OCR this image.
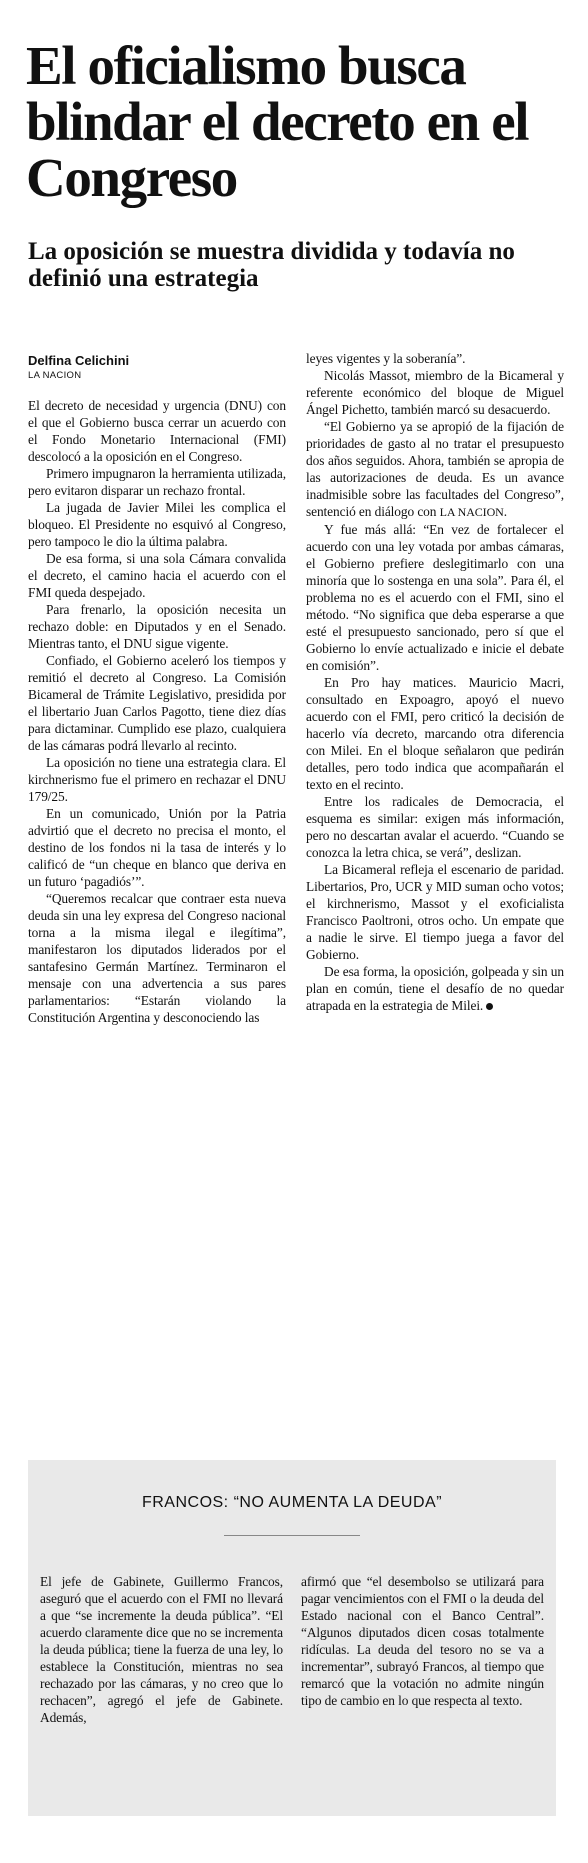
El oficialismo busca blindar el decreto en el Congreso
La oposición se muestra dividida y todavía no definió una estrategia
Delfina Celichini
LA NACION

El decreto de necesidad y urgencia (DNU) con el que el Gobierno busca cerrar un acuerdo con el Fondo Monetario Internacional (FMI) descolocó a la oposición en el Congreso.

Primero impugnaron la herramienta utilizada, pero evitaron disparar un rechazo frontal.

La jugada de Javier Milei les complica el bloqueo. El Presidente no esquivó al Congreso, pero tampoco le dio la última palabra.

De esa forma, si una sola Cámara convalida el decreto, el camino hacia el acuerdo con el FMI queda despejado.

Para frenarlo, la oposición necesita un rechazo doble: en Diputados y en el Senado. Mientras tanto, el DNU sigue vigente.

Confiado, el Gobierno aceleró los tiempos y remitió el decreto al Congreso. La Comisión Bicameral de Trámite Legislativo, presidida por el libertario Juan Carlos Pagotto, tiene diez días para dictaminar. Cumplido ese plazo, cualquiera de las cámaras podrá llevarlo al recinto.

La oposición no tiene una estrategia clara. El kirchnerismo fue el primero en rechazar el DNU 179/25.

En un comunicado, Unión por la Patria advirtió que el decreto no precisa el monto, el destino de los fondos ni la tasa de interés y lo calificó de “un cheque en blanco que deriva en un futuro ‘pagadiós’”.

“Queremos recalcar que contraer esta nueva deuda sin una ley expresa del Congreso nacional torna a la misma ilegal e ilegítima”, manifestaron los diputados liderados por el santafesino Germán Martínez. Terminaron el mensaje con una advertencia a sus pares parlamentarios: “Estarán violando la Constitución Argentina y desconociendo las

leyes vigentes y la soberanía”.

Nicolás Massot, miembro de la Bicameral y referente económico del bloque de Miguel Ángel Pichetto, también marcó su desacuerdo.

“El Gobierno ya se apropió de la fijación de prioridades de gasto al no tratar el presupuesto dos años seguidos. Ahora, también se apropia de las autorizaciones de deuda. Es un avance inadmisible sobre las facultades del Congreso”, sentenció en diálogo con LA NACION.

Y fue más allá: “En vez de fortalecer el acuerdo con una ley votada por ambas cámaras, el Gobierno prefiere deslegitimarlo con una minoría que lo sostenga en una sola”. Para él, el problema no es el acuerdo con el FMI, sino el método. “No significa que deba esperarse a que esté el presupuesto sancionado, pero sí que el Gobierno lo envíe actualizado e inicie el debate en comisión”.

En Pro hay matices. Mauricio Macri, consultado en Expoagro, apoyó el nuevo acuerdo con el FMI, pero criticó la decisión de hacerlo vía decreto, marcando otra diferencia con Milei. En el bloque señalaron que pedirán detalles, pero todo indica que acompañarán el texto en el recinto.

Entre los radicales de Democracia, el esquema es similar: exigen más información, pero no descartan avalar el acuerdo. “Cuando se conozca la letra chica, se verá”, deslizan.

La Bicameral refleja el escenario de paridad. Libertarios, Pro, UCR y MID suman ocho votos; el kirchnerismo, Massot y el exoficialista Francisco Paoltroni, otros ocho. Un empate que a nadie le sirve. El tiempo juega a favor del Gobierno.

De esa forma, la oposición, golpeada y sin un plan en común, tiene el desafío de no quedar atrapada en la estrategia de Milei.

FRANCOS: “NO AUMENTA LA DEUDA”

El jefe de Gabinete, Guillermo Francos, aseguró que el acuerdo con el FMI no llevará a que “se incremente la deuda pública”. “El acuerdo claramente dice que no se incrementa la deuda pública; tiene la fuerza de una ley, lo establece la Constitución, mientras no sea rechazado por las cámaras, y no creo que lo rechacen”, agregó el jefe de Gabinete. Además,

afirmó que “el desembolso se utilizará para pagar vencimientos con el FMI o la deuda del Estado nacional con el Banco Central”. “Algunos diputados dicen cosas totalmente ridículas. La deuda del tesoro no se va a incrementar”, subrayó Francos, al tiempo que remarcó que la votación no admite ningún tipo de cambio en lo que respecta al texto.
